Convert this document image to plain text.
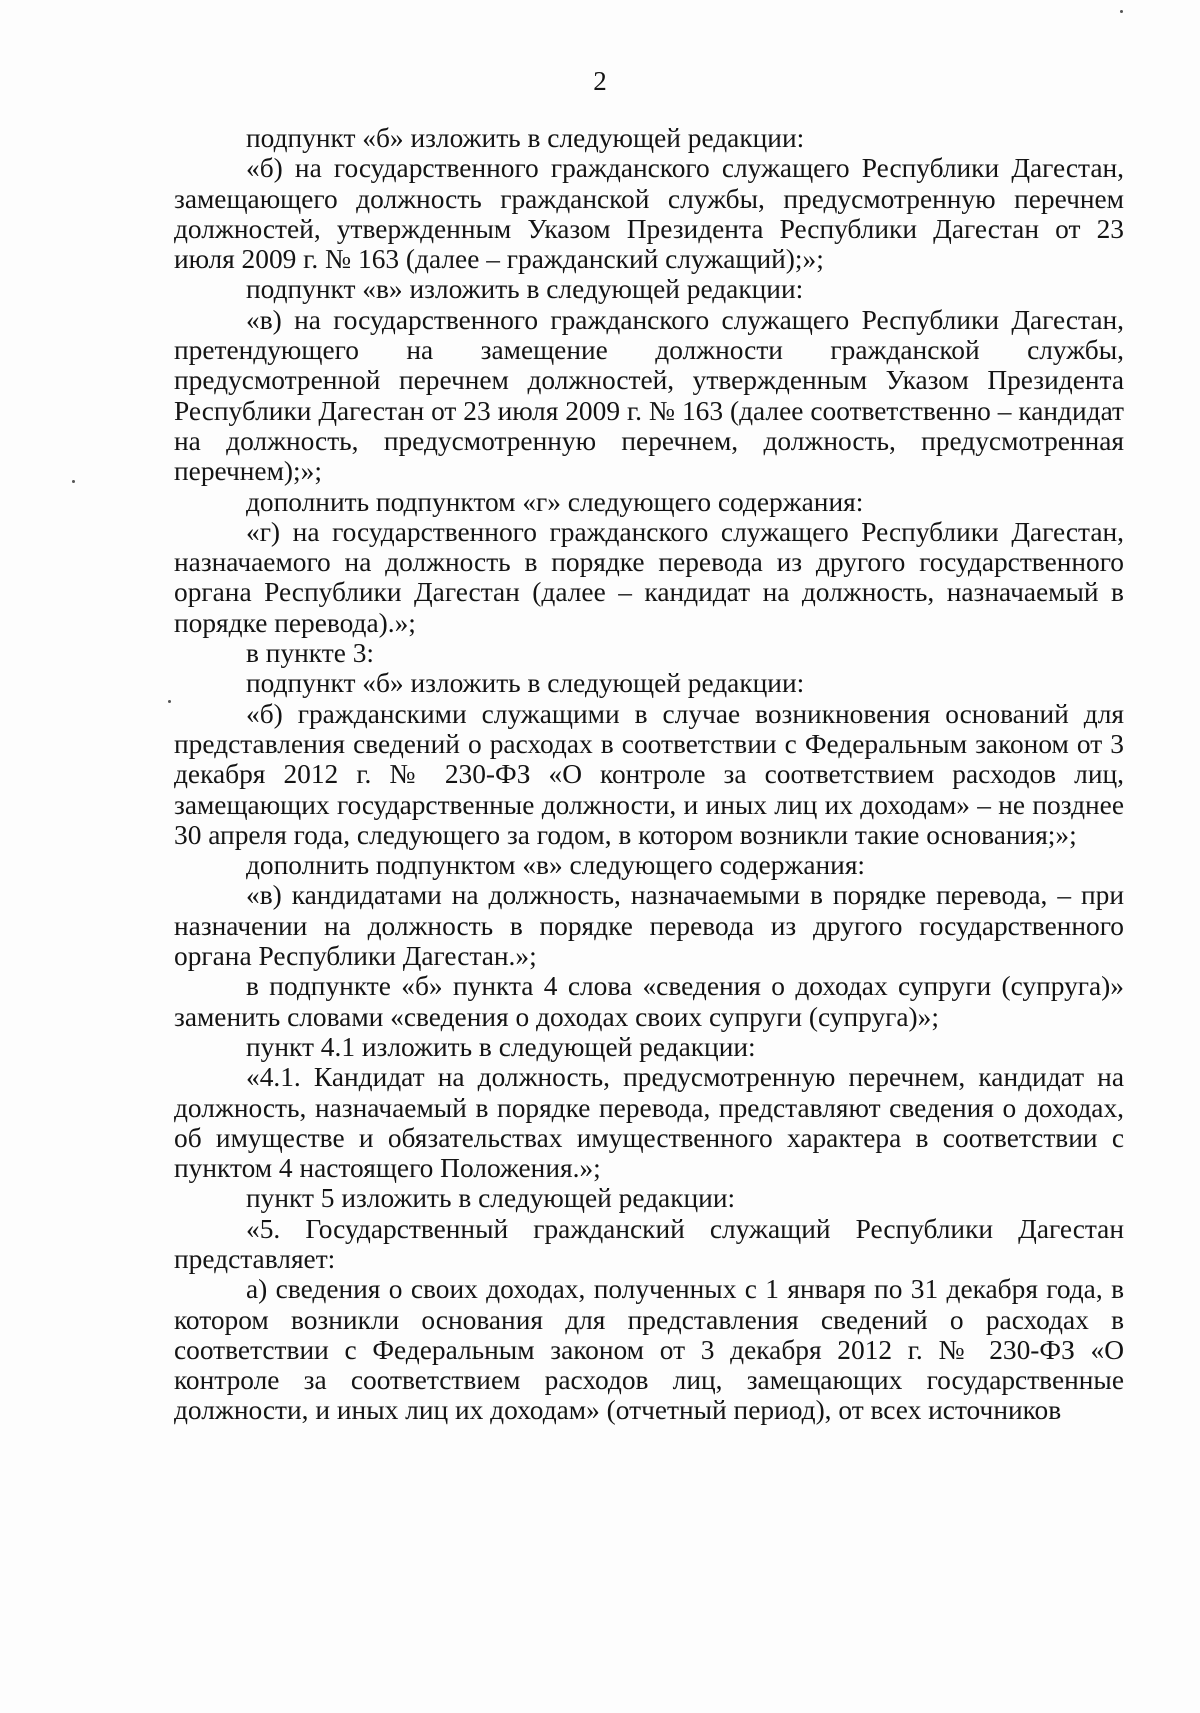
2

подпункт «б» изложить в следующей редакции:

«б) на государственного гражданского служащего Республики Дагестан, замещающего должность гражданской службы, предусмотренную перечнем должностей, утвержденным Указом Президента Республики Дагестан от 23 июля 2009 г. № 163 (далее – гражданский служащий);»;

подпункт «в» изложить в следующей редакции:

«в) на государственного гражданского служащего Республики Дагестан, претендующего на замещение должности гражданской службы, предусмотренной перечнем должностей, утвержденным Указом Президента Республики Дагестан от 23 июля 2009 г. № 163 (далее соответственно – кандидат на должность, предусмотренную перечнем, должность, предусмотренная перечнем);»;

дополнить подпунктом «г» следующего содержания:

«г) на государственного гражданского служащего Республики Дагестан, назначаемого на должность в порядке перевода из другого государственного органа Республики Дагестан (далее – кандидат на должность, назначаемый в порядке перевода).»;

в пункте 3:

подпункт «б» изложить в следующей редакции:

«б) гражданскими служащими в случае возникновения оснований для представления сведений о расходах в соответствии с Федеральным законом от 3 декабря 2012 г. № 230-ФЗ «О контроле за соответствием расходов лиц, замещающих государственные должности, и иных лиц их доходам» – не позднее 30 апреля года, следующего за годом, в котором возникли такие основания;»;

дополнить подпунктом «в» следующего содержания:

«в) кандидатами на должность, назначаемыми в порядке перевода, – при назначении на должность в порядке перевода из другого государственного органа Республики Дагестан.»;

в подпункте «б» пункта 4 слова «сведения о доходах супруги (супруга)» заменить словами «сведения о доходах своих супруги (супруга)»;

пункт 4.1 изложить в следующей редакции:

«4.1. Кандидат на должность, предусмотренную перечнем, кандидат на должность, назначаемый в порядке перевода, представляют сведения о доходах, об имуществе и обязательствах имущественного характера в соответствии с пунктом 4 настоящего Положения.»;

пункт 5 изложить в следующей редакции:

«5. Государственный гражданский служащий Республики Дагестан представляет:

а) сведения о своих доходах, полученных с 1 января по 31 декабря года, в котором возникли основания для представления сведений о расходах в соответствии с Федеральным законом от 3 декабря 2012 г. № 230-ФЗ «О контроле за соответствием расходов лиц, замещающих государственные должности, и иных лиц их доходам» (отчетный период), от всех источников
